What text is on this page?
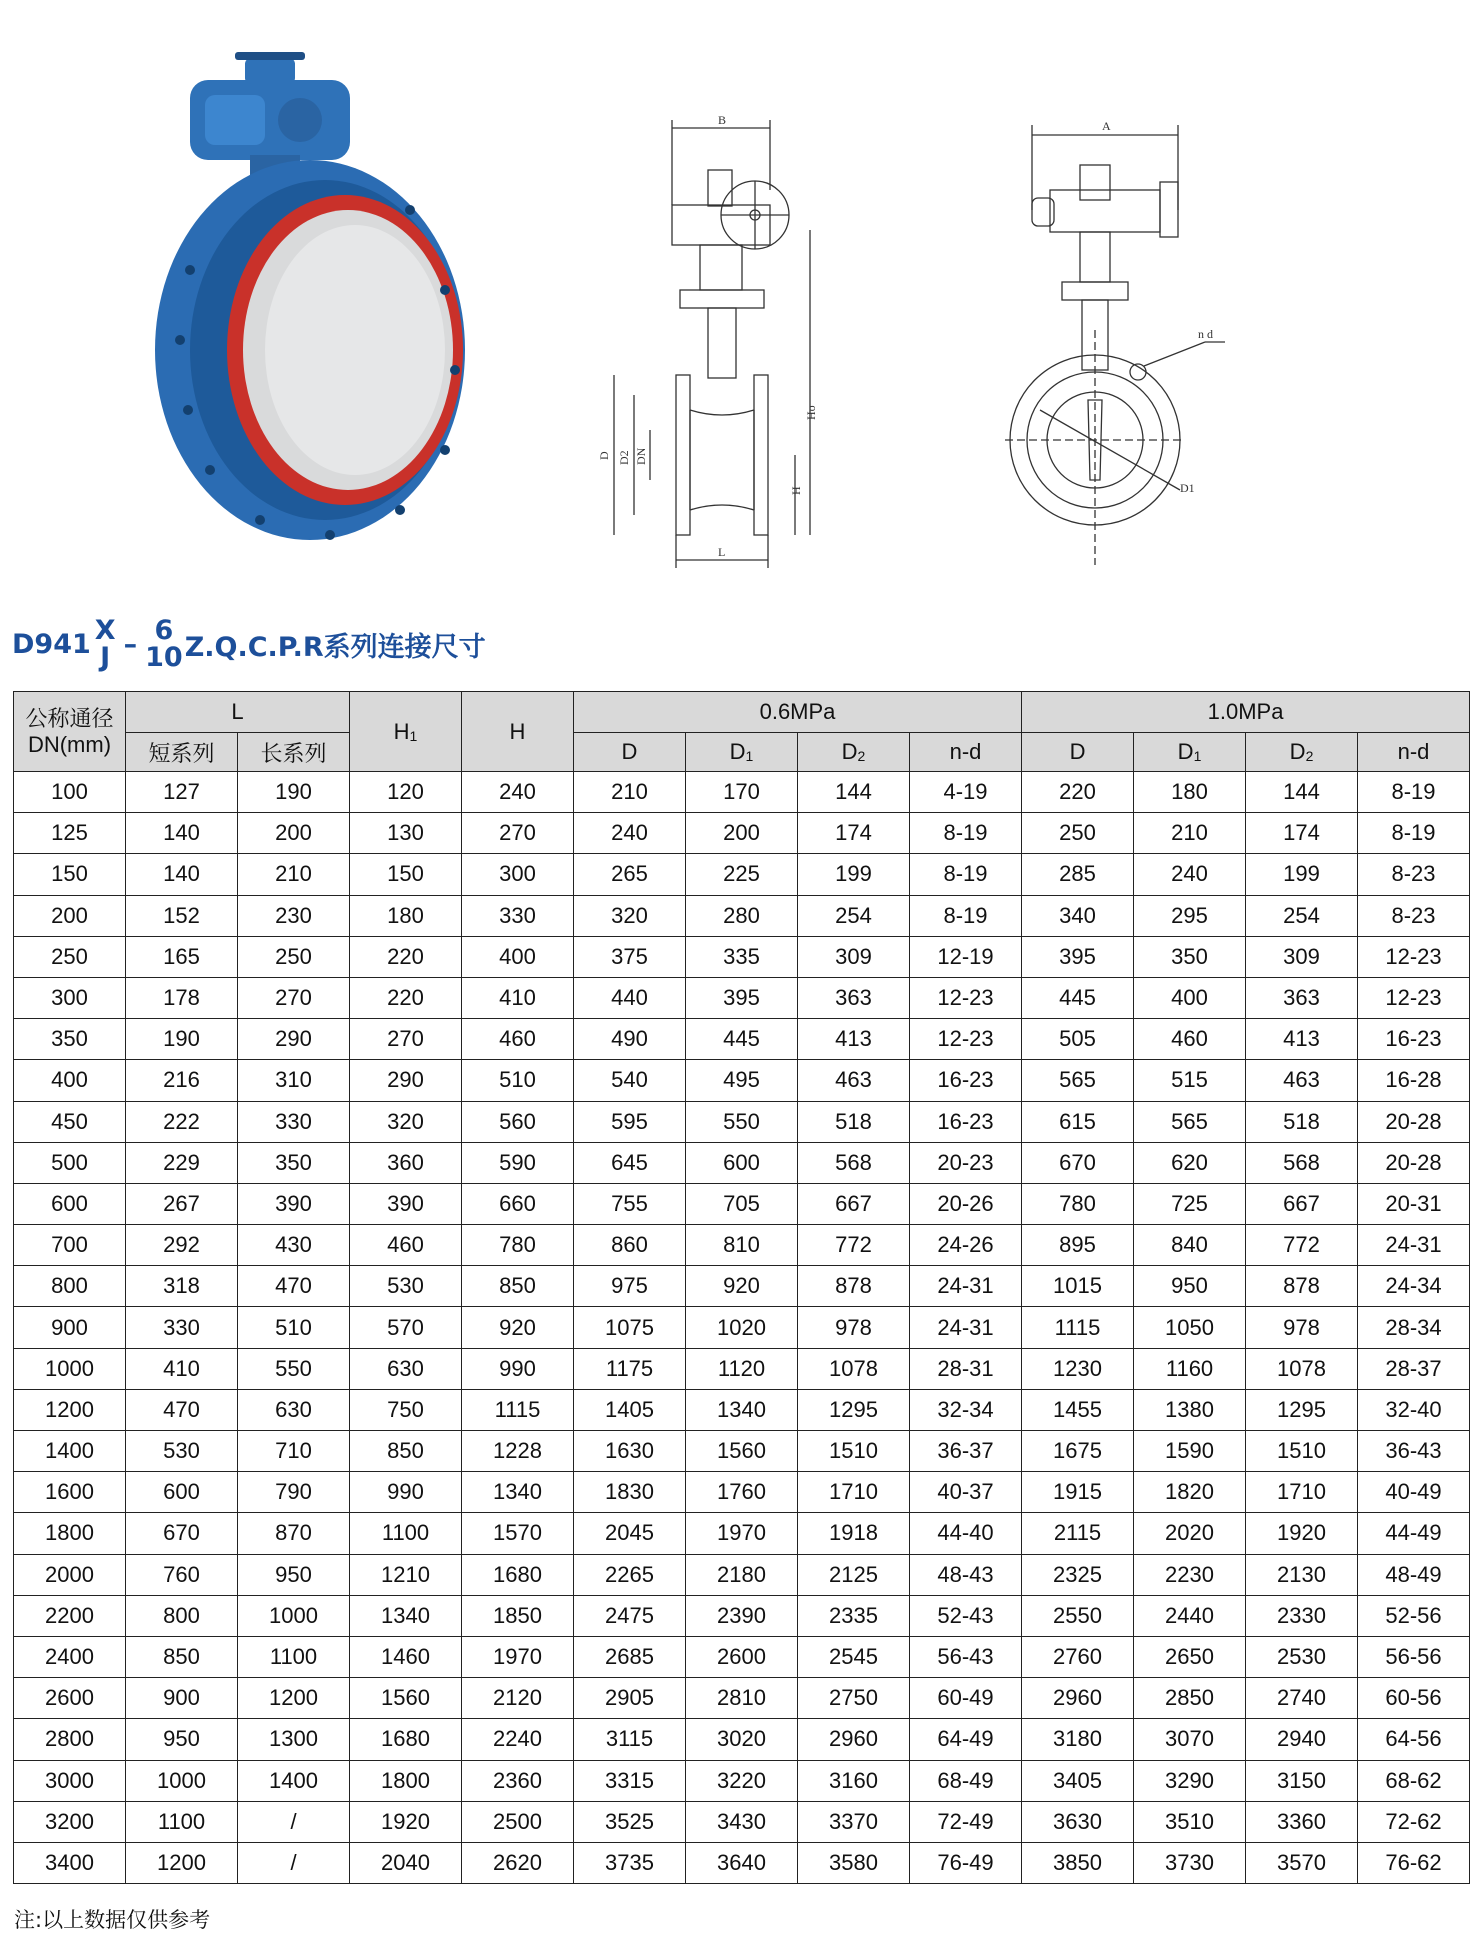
B
Ho
H
D D2 DN
L
A
n d
D1
D941 X
J – 6
10 Z.Q.C.P.R系列连接尺寸
公称通径
DN(mm)	L		$H_1$	H	0.6MPa				1.0MPa			
	短系列	长系列			D	$D_1$	$D_2$	n-d	D	$D_1$	$D_2$	n-d
100	127	190	120	240	210	170	144	4-19	220	180	144	8-19
125	140	200	130	270	240	200	174	8-19	250	210	174	8-19
150	140	210	150	300	265	225	199	8-19	285	240	199	8-23
200	152	230	180	330	320	280	254	8-19	340	295	254	8-23
250	165	250	220	400	375	335	309	12-19	395	350	309	12-23
300	178	270	220	410	440	395	363	12-23	445	400	363	12-23
350	190	290	270	460	490	445	413	12-23	505	460	413	16-23
400	216	310	290	510	540	495	463	16-23	565	515	463	16-28
450	222	330	320	560	595	550	518	16-23	615	565	518	20-28
500	229	350	360	590	645	600	568	20-23	670	620	568	20-28
600	267	390	390	660	755	705	667	20-26	780	725	667	20-31
700	292	430	460	780	860	810	772	24-26	895	840	772	24-31
800	318	470	530	850	975	920	878	24-31	1015	950	878	24-34
900	330	510	570	920	1075	1020	978	24-31	1115	1050	978	28-34
1000	410	550	630	990	1175	1120	1078	28-31	1230	1160	1078	28-37
1200	470	630	750	1115	1405	1340	1295	32-34	1455	1380	1295	32-40
1400	530	710	850	1228	1630	1560	1510	36-37	1675	1590	1510	36-43
1600	600	790	990	1340	1830	1760	1710	40-37	1915	1820	1710	40-49
1800	670	870	1100	1570	2045	1970	1918	44-40	2115	2020	1920	44-49
2000	760	950	1210	1680	2265	2180	2125	48-43	2325	2230	2130	48-49
2200	800	1000	1340	1850	2475	2390	2335	52-43	2550	2440	2330	52-56
2400	850	1100	1460	1970	2685	2600	2545	56-43	2760	2650	2530	56-56
2600	900	1200	1560	2120	2905	2810	2750	60-49	2960	2850	2740	60-56
2800	950	1300	1680	2240	3115	3020	2960	64-49	3180	3070	2940	64-56
3000	1000	1400	1800	2360	3315	3220	3160	68-49	3405	3290	3150	68-62
3200	1100	/	1920	2500	3525	3430	3370	72-49	3630	3510	3360	72-62
3400	1200	/	2040	2620	3735	3640	3580	76-49	3850	3730	3570	76-62
注:以上数据仅供参考
